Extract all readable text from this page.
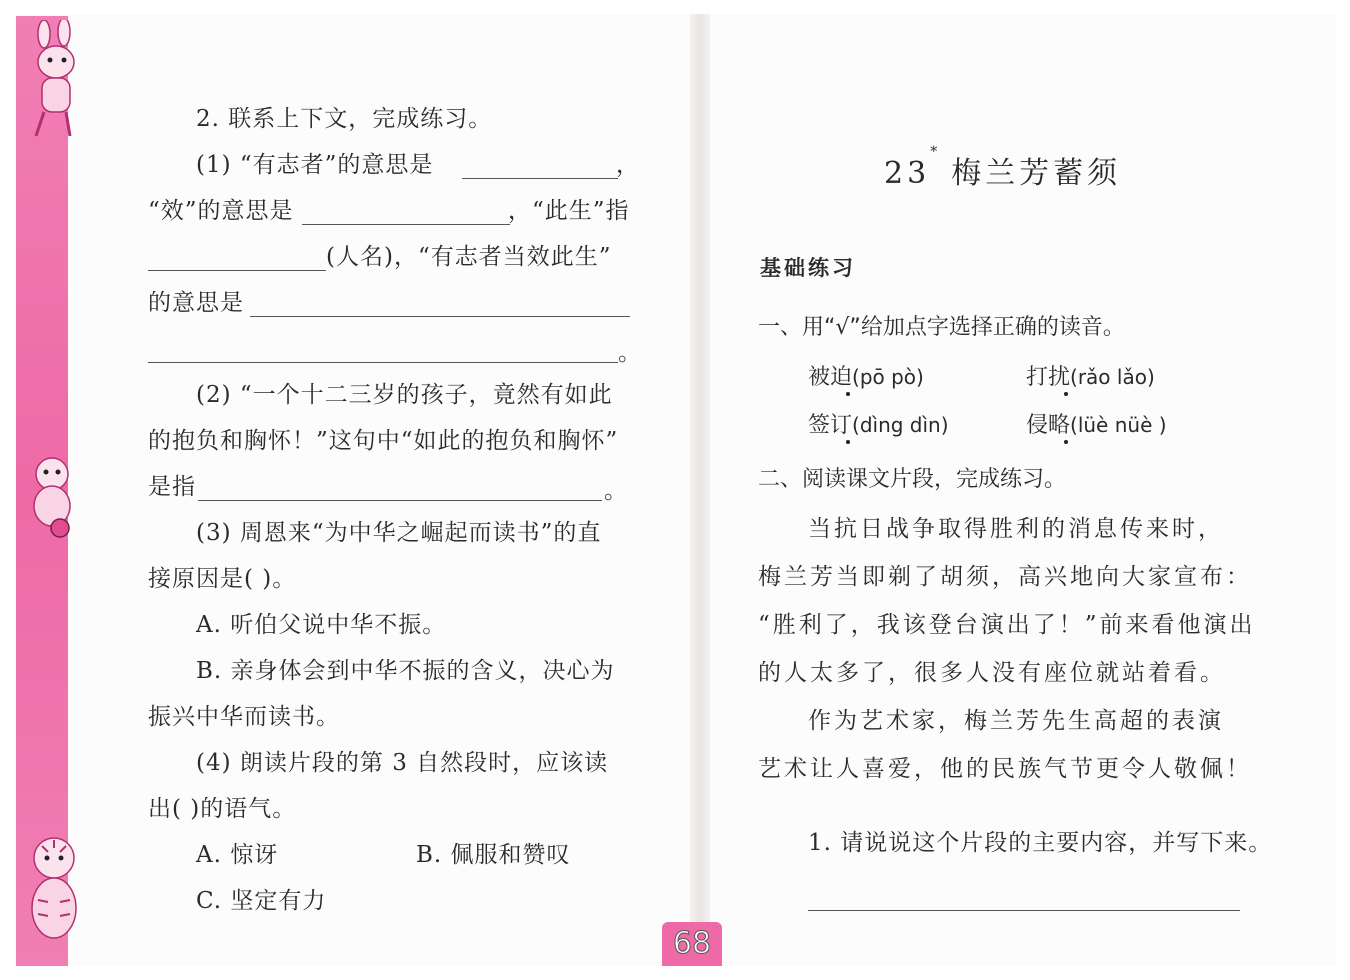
2. 联系上下文，完成练习。
(1) “有志者”的意思是	，
“效”的意思是	，“此生”指
(人名)，“有志者当效此生”
的意思是
。
(2) “一个十二三岁的孩子，竟然有如此
的抱负和胸怀！”这句中“如此的抱负和胸怀”
是指	。
(3) 周恩来“为中华之崛起而读书”的直
接原因是( )。
A. 听伯父说中华不振。
B. 亲身体会到中华不振的含义，决心为
振兴中华而读书。
(4) 朗读片段的第 3 自然段时，应该读
出( )的语气。
A. 惊讶	B. 佩服和赞叹
C. 坚定有力
23*梅兰芳蓄须
基础练习
一、用“√”给加点字选择正确的读音。
被迫(pō pò)	打扰(rǎo lǎo)
签订(dìng dìn)	侵略(lüè nüè )
二、阅读课文片段，完成练习。
当抗日战争取得胜利的消息传来时，
梅兰芳当即剃了胡须，高兴地向大家宣布：
“胜利了，我该登台演出了！”前来看他演出
的人太多了，很多人没有座位就站着看。
作为艺术家，梅兰芳先生高超的表演
艺术让人喜爱，他的民族气节更令人敬佩！
1. 请说说这个片段的主要内容，并写下来。
68
